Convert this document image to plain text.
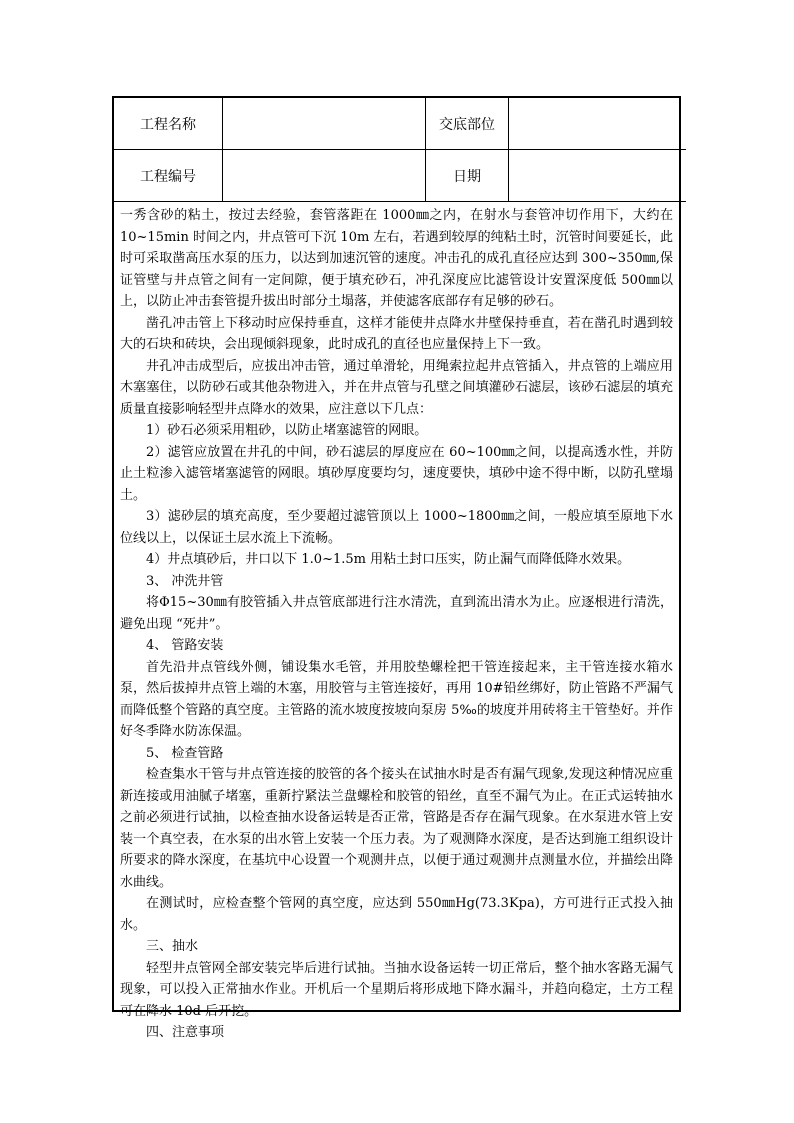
工程名称		交底部位	
工程编号		日期	

一秀含砂的粘土，按过去经验，套管落距在 1000㎜之内，在射水与套管冲切作用下，大约在 10~15min 时间之内，井点管可下沉 10m 左右，若遇到较厚的纯粘土时，沉管时间要延长，此时可采取凿高压水泵的压力，以达到加速沉管的速度。冲击孔的成孔直径应达到 300~350㎜,保证管壁与井点管之间有一定间隙，便于填充砂石，冲孔深度应比滤管设计安置深度低 500㎜以上，以防止冲击套管提升拔出时部分土塌落，并使滤客底部存有足够的砂石。

凿孔冲击管上下移动时应保持垂直，这样才能使井点降水井壁保持垂直，若在凿孔时遇到较大的石块和砖块，会出现倾斜现象，此时成孔的直径也应量保持上下一致。

井孔冲击成型后，应拔出冲击管，通过单滑轮，用绳索拉起井点管插入，井点管的上端应用木塞塞住，以防砂石或其他杂物进入，并在井点管与孔壁之间填灌砂石滤层，该砂石滤层的填充质量直接影响轻型井点降水的效果，应注意以下几点：

1）砂石必须采用粗砂，以防止堵塞滤管的网眼。

2）滤管应放置在井孔的中间，砂石滤层的厚度应在 60~100㎜之间，以提高透水性，并防止土粒渗入滤管堵塞滤管的网眼。填砂厚度要均匀，速度要快，填砂中途不得中断，以防孔壁塌土。

3）滤砂层的填充高度，至少要超过滤管顶以上 1000~1800㎜之间，一般应填至原地下水位线以上，以保证土层水流上下流畅。

4）井点填砂后，井口以下 1.0~1.5m 用粘土封口压实，防止漏气而降低降水效果。

3、 冲洗井管

将Φ15~30㎜有胶管插入井点管底部进行注水清洗，直到流出清水为止。应逐根进行清洗，避免出现 “死井”。

4、 管路安装

首先沿井点管线外侧，铺设集水毛管，并用胶垫螺栓把干管连接起来，主干管连接水箱水泵，然后拔掉井点管上端的木塞，用胶管与主管连接好，再用 10#铅丝绑好，防止管路不严漏气而降低整个管路的真空度。主管路的流水坡度按坡向泵房 5‰的坡度并用砖将主干管垫好。并作好冬季降水防冻保温。

5、 检查管路

检查集水干管与井点管连接的胶管的各个接头在试抽水时是否有漏气现象,发现这种情况应重新连接或用油腻子堵塞，重新拧紧法兰盘螺栓和胶管的铅丝，直至不漏气为止。在正式运转抽水之前必须进行试抽，以检查抽水设备运转是否正常，管路是否存在漏气现象。在水泵进水管上安装一个真空表，在水泵的出水管上安装一个压力表。为了观测降水深度，是否达到施工组织设计所要求的降水深度，在基坑中心设置一个观测井点，以便于通过观测井点测量水位，并描绘出降水曲线。

在测试时，应检查整个管网的真空度，应达到 550㎜Hg(73.3Kpa)，方可进行正式投入抽水。

三、抽水

轻型井点管网全部安装完毕后进行试抽。当抽水设备运转一切正常后，整个抽水客路无漏气现象，可以投入正常抽水作业。开机后一个星期后将形成地下降水漏斗，并趋向稳定，土方工程可在降水 10d 后开挖。

四、注意事项
